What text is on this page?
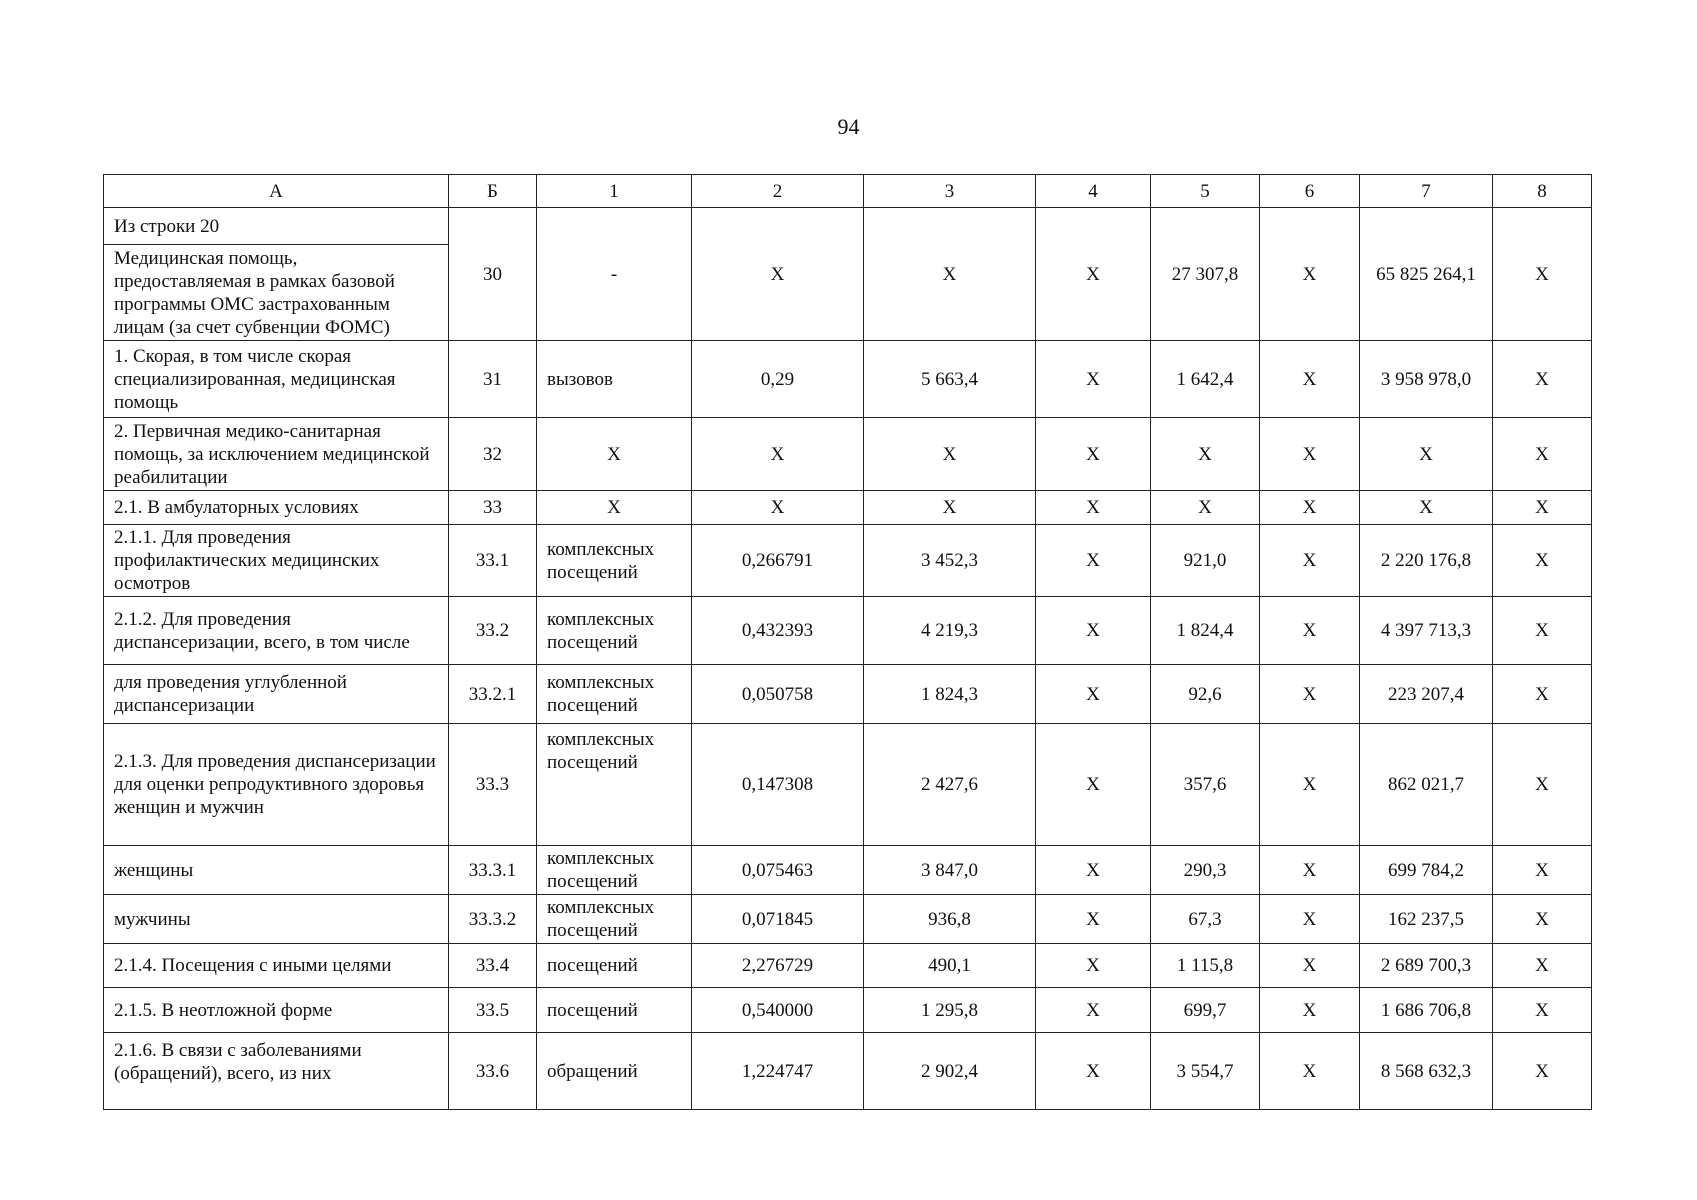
94
А	Б	1	2	3	4	5	6	7	8
Из строки 20	30	-	Х	Х	Х	27 307,8	Х	65 825 264,1	Х
Медицинская помощь, предоставляемая в рамках базовой программы ОМС застрахованным лицам (за счет субвенции ФОМС)									
1. Скорая, в том числе скорая специализированная, медицинская помощь	31	вызовов	0,29	5 663,4	Х	1 642,4	Х	3 958 978,0	Х
2. Первичная медико-санитарная помощь, за исключением медицинской реабилитации	32	Х	Х	Х	Х	Х	Х	Х	Х
2.1. В амбулаторных условиях	33	Х	Х	Х	Х	Х	Х	Х	Х
2.1.1. Для проведения профилактических медицинских осмотров	33.1	комплексных посещений	0,266791	3 452,3	Х	921,0	Х	2 220 176,8	Х
2.1.2. Для проведения диспансеризации, всего, в том числе	33.2	комплексных посещений	0,432393	4 219,3	Х	1 824,4	Х	4 397 713,3	Х
для проведения углубленной диспансеризации	33.2.1	комплексных посещений	0,050758	1 824,3	Х	92,6	Х	223 207,4	Х
2.1.3. Для проведения диспансеризации для оценки репродуктивного здоровья женщин и мужчин	33.3	комплексных посещений	0,147308	2 427,6	Х	357,6	Х	862 021,7	Х
женщины	33.3.1	комплексных посещений	0,075463	3 847,0	Х	290,3	Х	699 784,2	Х
мужчины	33.3.2	комплексных посещений	0,071845	936,8	Х	67,3	Х	162 237,5	Х
2.1.4. Посещения с иными целями	33.4	посещений	2,276729	490,1	Х	1 115,8	Х	2 689 700,3	Х
2.1.5. В неотложной форме	33.5	посещений	0,540000	1 295,8	Х	699,7	Х	1 686 706,8	Х
2.1.6. В связи с заболеваниями (обращений), всего, из них	33.6	обращений	1,224747	2 902,4	Х	3 554,7	Х	8 568 632,3	Х
